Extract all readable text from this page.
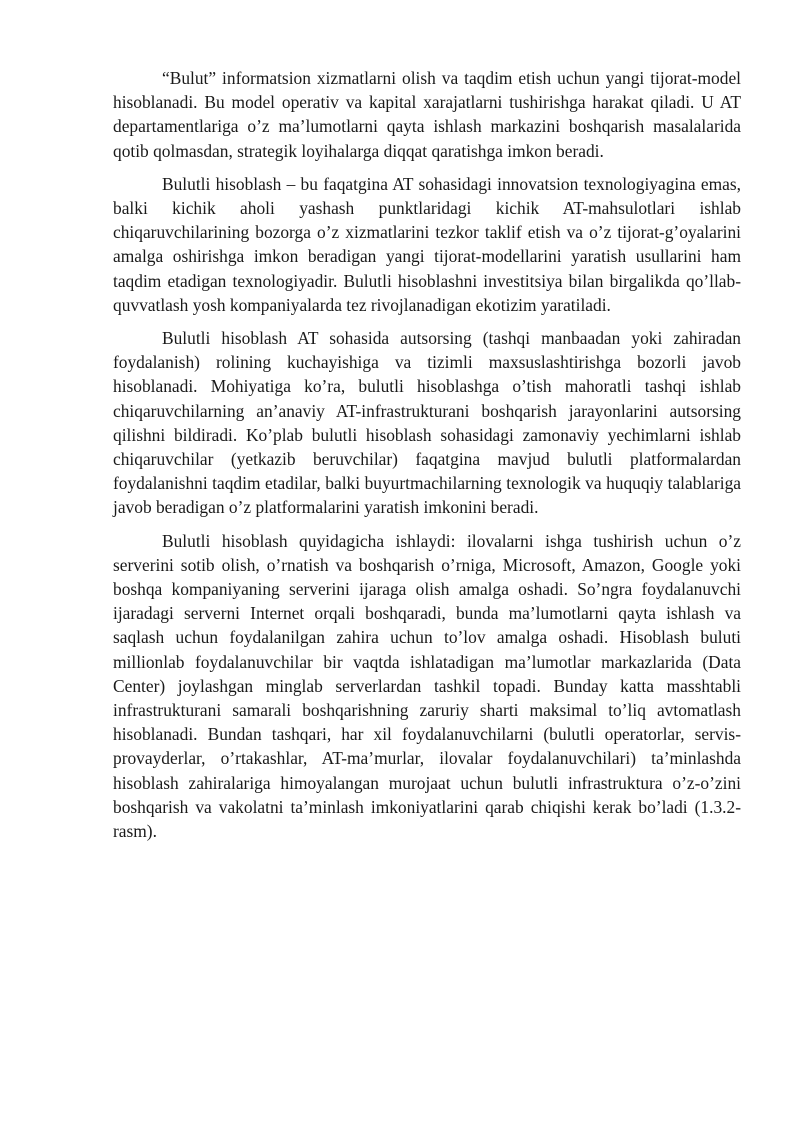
“Bulut” informatsion xizmatlarni olish va taqdim etish uchun yangi tijorat-model hisoblanadi. Bu model operativ va kapital xarajatlarni tushirishga harakat qiladi. U AT departamentlariga o’z ma’lumotlarni qayta ishlash markazini boshqarish masalalarida qotib qolmasdan, strategik loyihalarga diqqat qaratishga imkon beradi.

Bulutli hisoblash – bu faqatgina AT sohasidagi innovatsion texnologiyagina emas, balki kichik aholi yashash punktlaridagi kichik AT-mahsulotlari ishlab chiqaruvchilarining bozorga o’z xizmatlarini tezkor taklif etish va o’z tijorat-g’oyalarini amalga oshirishga imkon beradigan yangi tijorat-modellarini yaratish usullarini ham taqdim etadigan texnologiyadir. Bulutli hisoblashni investitsiya bilan birgalikda qo’llab-quvvatlash yosh kompaniyalarda tez rivojlanadigan ekotizim yaratiladi.

Bulutli hisoblash AT sohasida autsorsing (tashqi manbaadan yoki zahiradan foydalanish) rolining kuchayishiga va tizimli maxsuslashtirishga bozorli javob hisoblanadi. Mohiyatiga ko’ra, bulutli hisoblashga o’tish mahoratli tashqi ishlab chiqaruvchilarning an’anaviy AT-infrastrukturani boshqarish jarayonlarini autsorsing qilishni bildiradi. Ko’plab bulutli hisoblash sohasidagi zamonaviy yechimlarni ishlab chiqaruvchilar (yetkazib beruvchilar) faqatgina mavjud bulutli platformalardan foydalanishni taqdim etadilar, balki buyurtmachilarning texnologik va huquqiy talablariga javob beradigan o’z platformalarini yaratish imkonini beradi.

Bulutli hisoblash quyidagicha ishlaydi: ilovalarni ishga tushirish uchun o’z serverini sotib olish, o’rnatish va boshqarish o’rniga, Microsoft, Amazon, Google yoki boshqa kompaniyaning serverini ijaraga olish amalga oshadi. So’ngra foydalanuvchi ijaradagi serverni Internet orqali boshqaradi, bunda ma’lumotlarni qayta ishlash va saqlash uchun foydalanilgan zahira uchun to’lov amalga oshadi. Hisoblash buluti millionlab foydalanuvchilar bir vaqtda ishlatadigan ma’lumotlar markazlarida (Data Center) joylashgan minglab serverlardan tashkil topadi. Bunday katta masshtabli infrastrukturani samarali boshqarishning zaruriy sharti maksimal to’liq avtomatlash hisoblanadi. Bundan tashqari, har xil foydalanuvchilarni (bulutli operatorlar, servis-provayderlar, o’rtakashlar, AT-ma’murlar, ilovalar foydalanuvchilari) ta’minlashda hisoblash zahiralariga himoyalangan murojaat uchun bulutli infrastruktura o’z-o’zini boshqarish va vakolatni ta’minlash imkoniyatlarini qarab chiqishi kerak bo’ladi (1.3.2-rasm).
